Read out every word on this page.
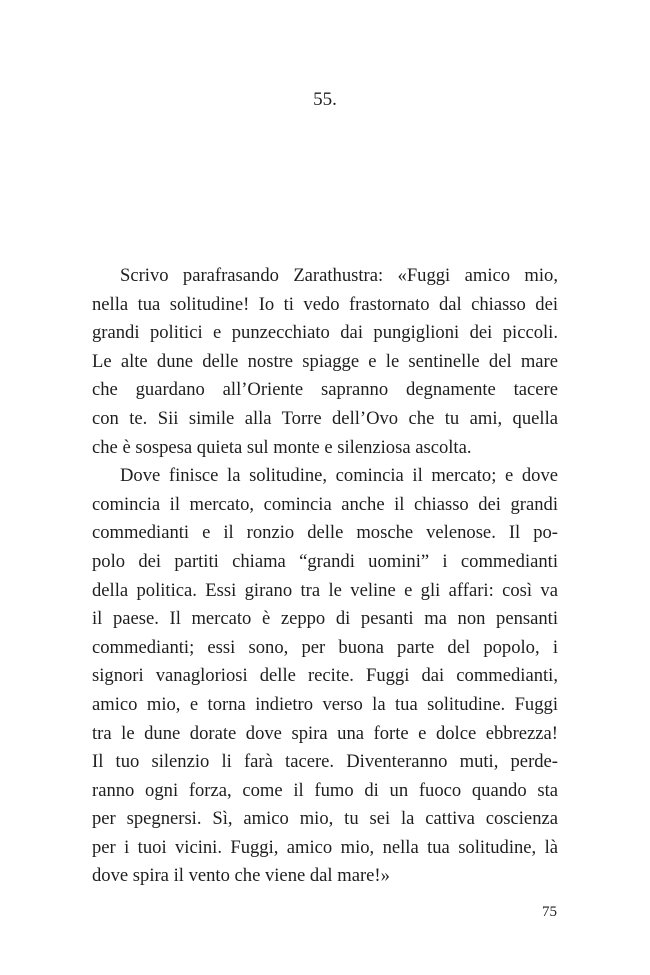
55.
Scrivo parafrasando Zarathustra: «Fuggi amico mio,
nella tua solitudine! Io ti vedo frastornato dal chiasso dei
grandi politici e punzecchiato dai pungiglioni dei piccoli.
Le alte dune delle nostre spiagge e le sentinelle del mare
che guardano all’Oriente sapranno degnamente tacere
con te. Sii simile alla Torre dell’Ovo che tu ami, quella
che è sospesa quieta sul monte e silenziosa ascolta.
Dove finisce la solitudine, comincia il mercato; e dove
comincia il mercato, comincia anche il chiasso dei grandi
commedianti e il ronzio delle mosche velenose. Il po-
polo dei partiti chiama “grandi uomini” i commedianti
della politica. Essi girano tra le veline e gli affari: così va
il paese. Il mercato è zeppo di pesanti ma non pensanti
commedianti; essi sono, per buona parte del popolo, i
signori vanagloriosi delle recite. Fuggi dai commedianti,
amico mio, e torna indietro verso la tua solitudine. Fuggi
tra le dune dorate dove spira una forte e dolce ebbrezza!
Il tuo silenzio li farà tacere. Diventeranno muti, perde-
ranno ogni forza, come il fumo di un fuoco quando sta
per spegnersi. Sì, amico mio, tu sei la cattiva coscienza
per i tuoi vicini. Fuggi, amico mio, nella tua solitudine, là
dove spira il vento che viene dal mare!»
75
